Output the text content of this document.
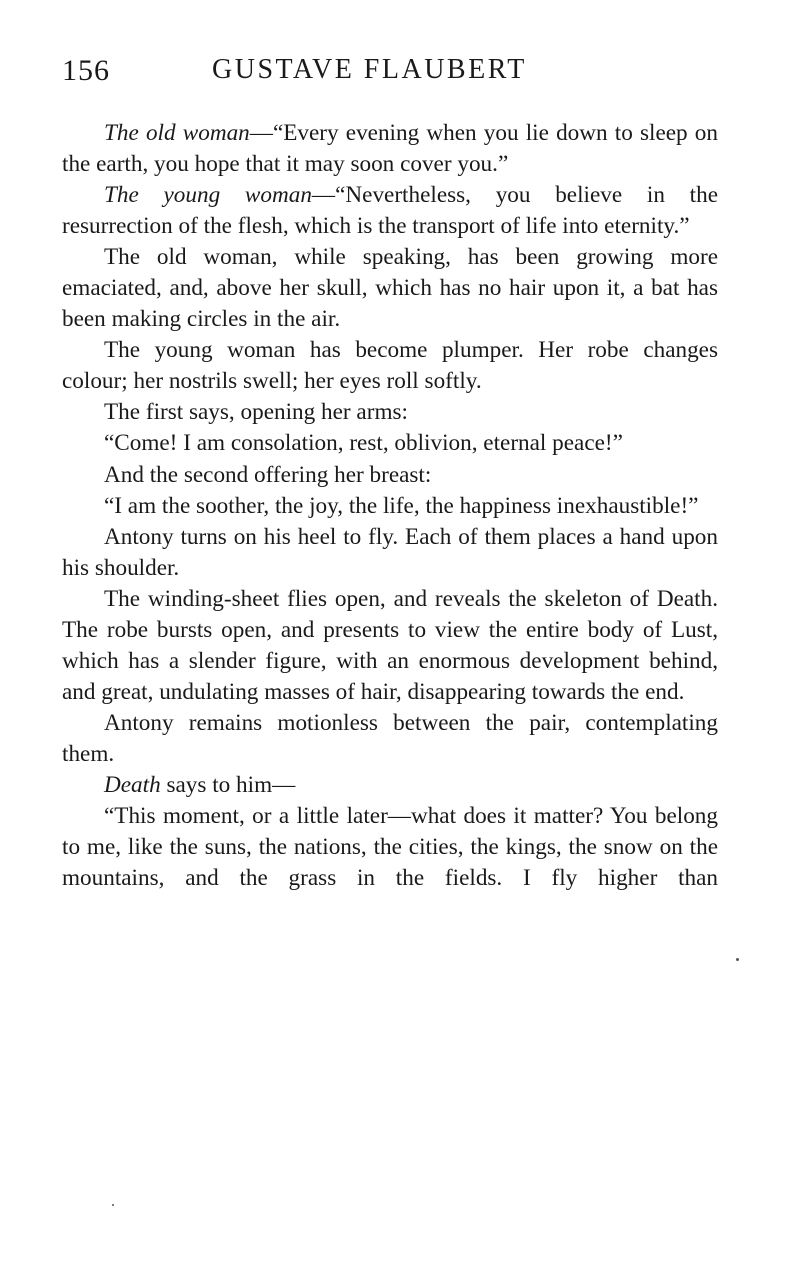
156	GUSTAVE FLAUBERT

The old woman—“Every evening when you lie down to sleep on the earth, you hope that it may soon cover you.”

The young woman—“Nevertheless, you believe in the resurrection of the flesh, which is the transport of life into eternity.”

The old woman, while speaking, has been growing more emaciated, and, above her skull, which has no hair upon it, a bat has been making circles in the air.

The young woman has become plumper. Her robe changes colour; her nostrils swell; her eyes roll softly.

The first says, opening her arms:

“Come! I am consolation, rest, oblivion, eternal peace!”

And the second offering her breast:

“I am the soother, the joy, the life, the happiness inexhaustible!”

Antony turns on his heel to fly. Each of them places a hand upon his shoulder.

The winding-sheet flies open, and reveals the skeleton of Death. The robe bursts open, and presents to view the entire body of Lust, which has a slender figure, with an enormous development behind, and great, undulating masses of hair, disappearing towards the end.

Antony remains motionless between the pair, contemplating them.

Death says to him—

“This moment, or a little later—what does it matter? You belong to me, like the suns, the nations, the cities, the kings, the snow on the mountains, and the grass in the fields. I fly higher than
